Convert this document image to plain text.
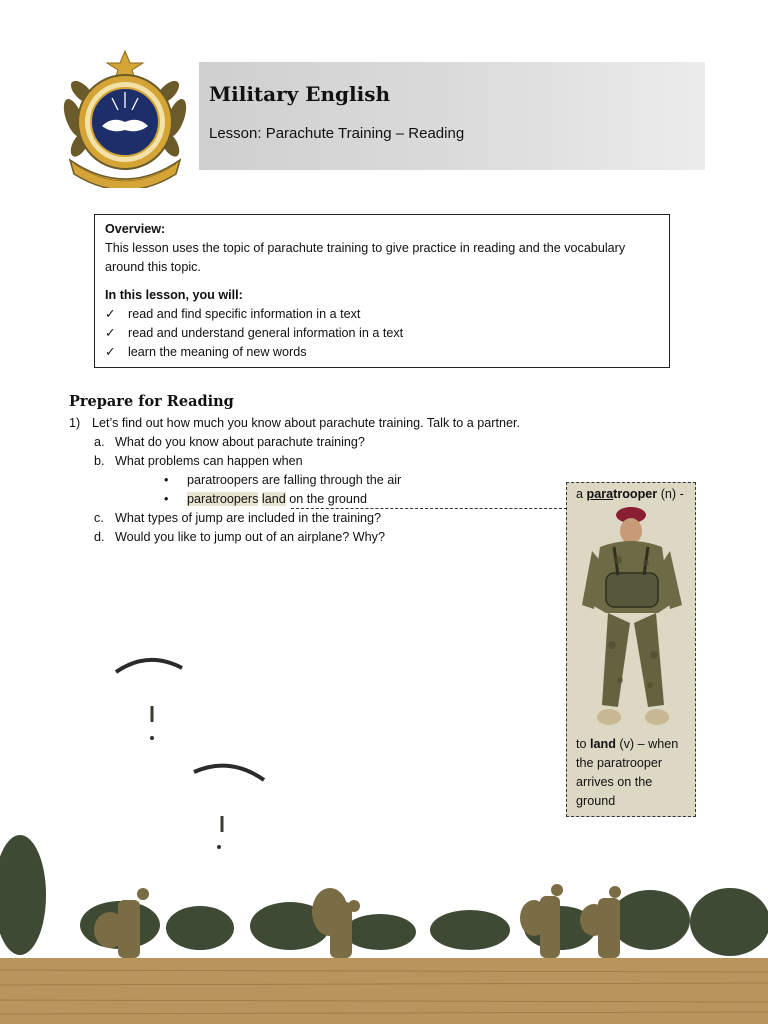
Military English
Lesson: Parachute Training – Reading
Overview:
This lesson uses the topic of parachute training to give practice in reading and the vocabulary
around this topic.
In this lesson, you will:
✓ read and find specific information in a text
✓ read and understand general information in a text
✓ learn the meaning of new words
Prepare for Reading
1) Let’s find out how much you know about parachute training. Talk to a partner.
a. What do you know about parachute training?
b. What problems can happen when
• paratroopers are falling through the air
• paratroopers land on the ground
c. What types of jump are included in the training?
d. Would you like to jump out of an airplane? Why?
a paratrooper (n) -
to land (v) – when the paratrooper arrives on the ground
